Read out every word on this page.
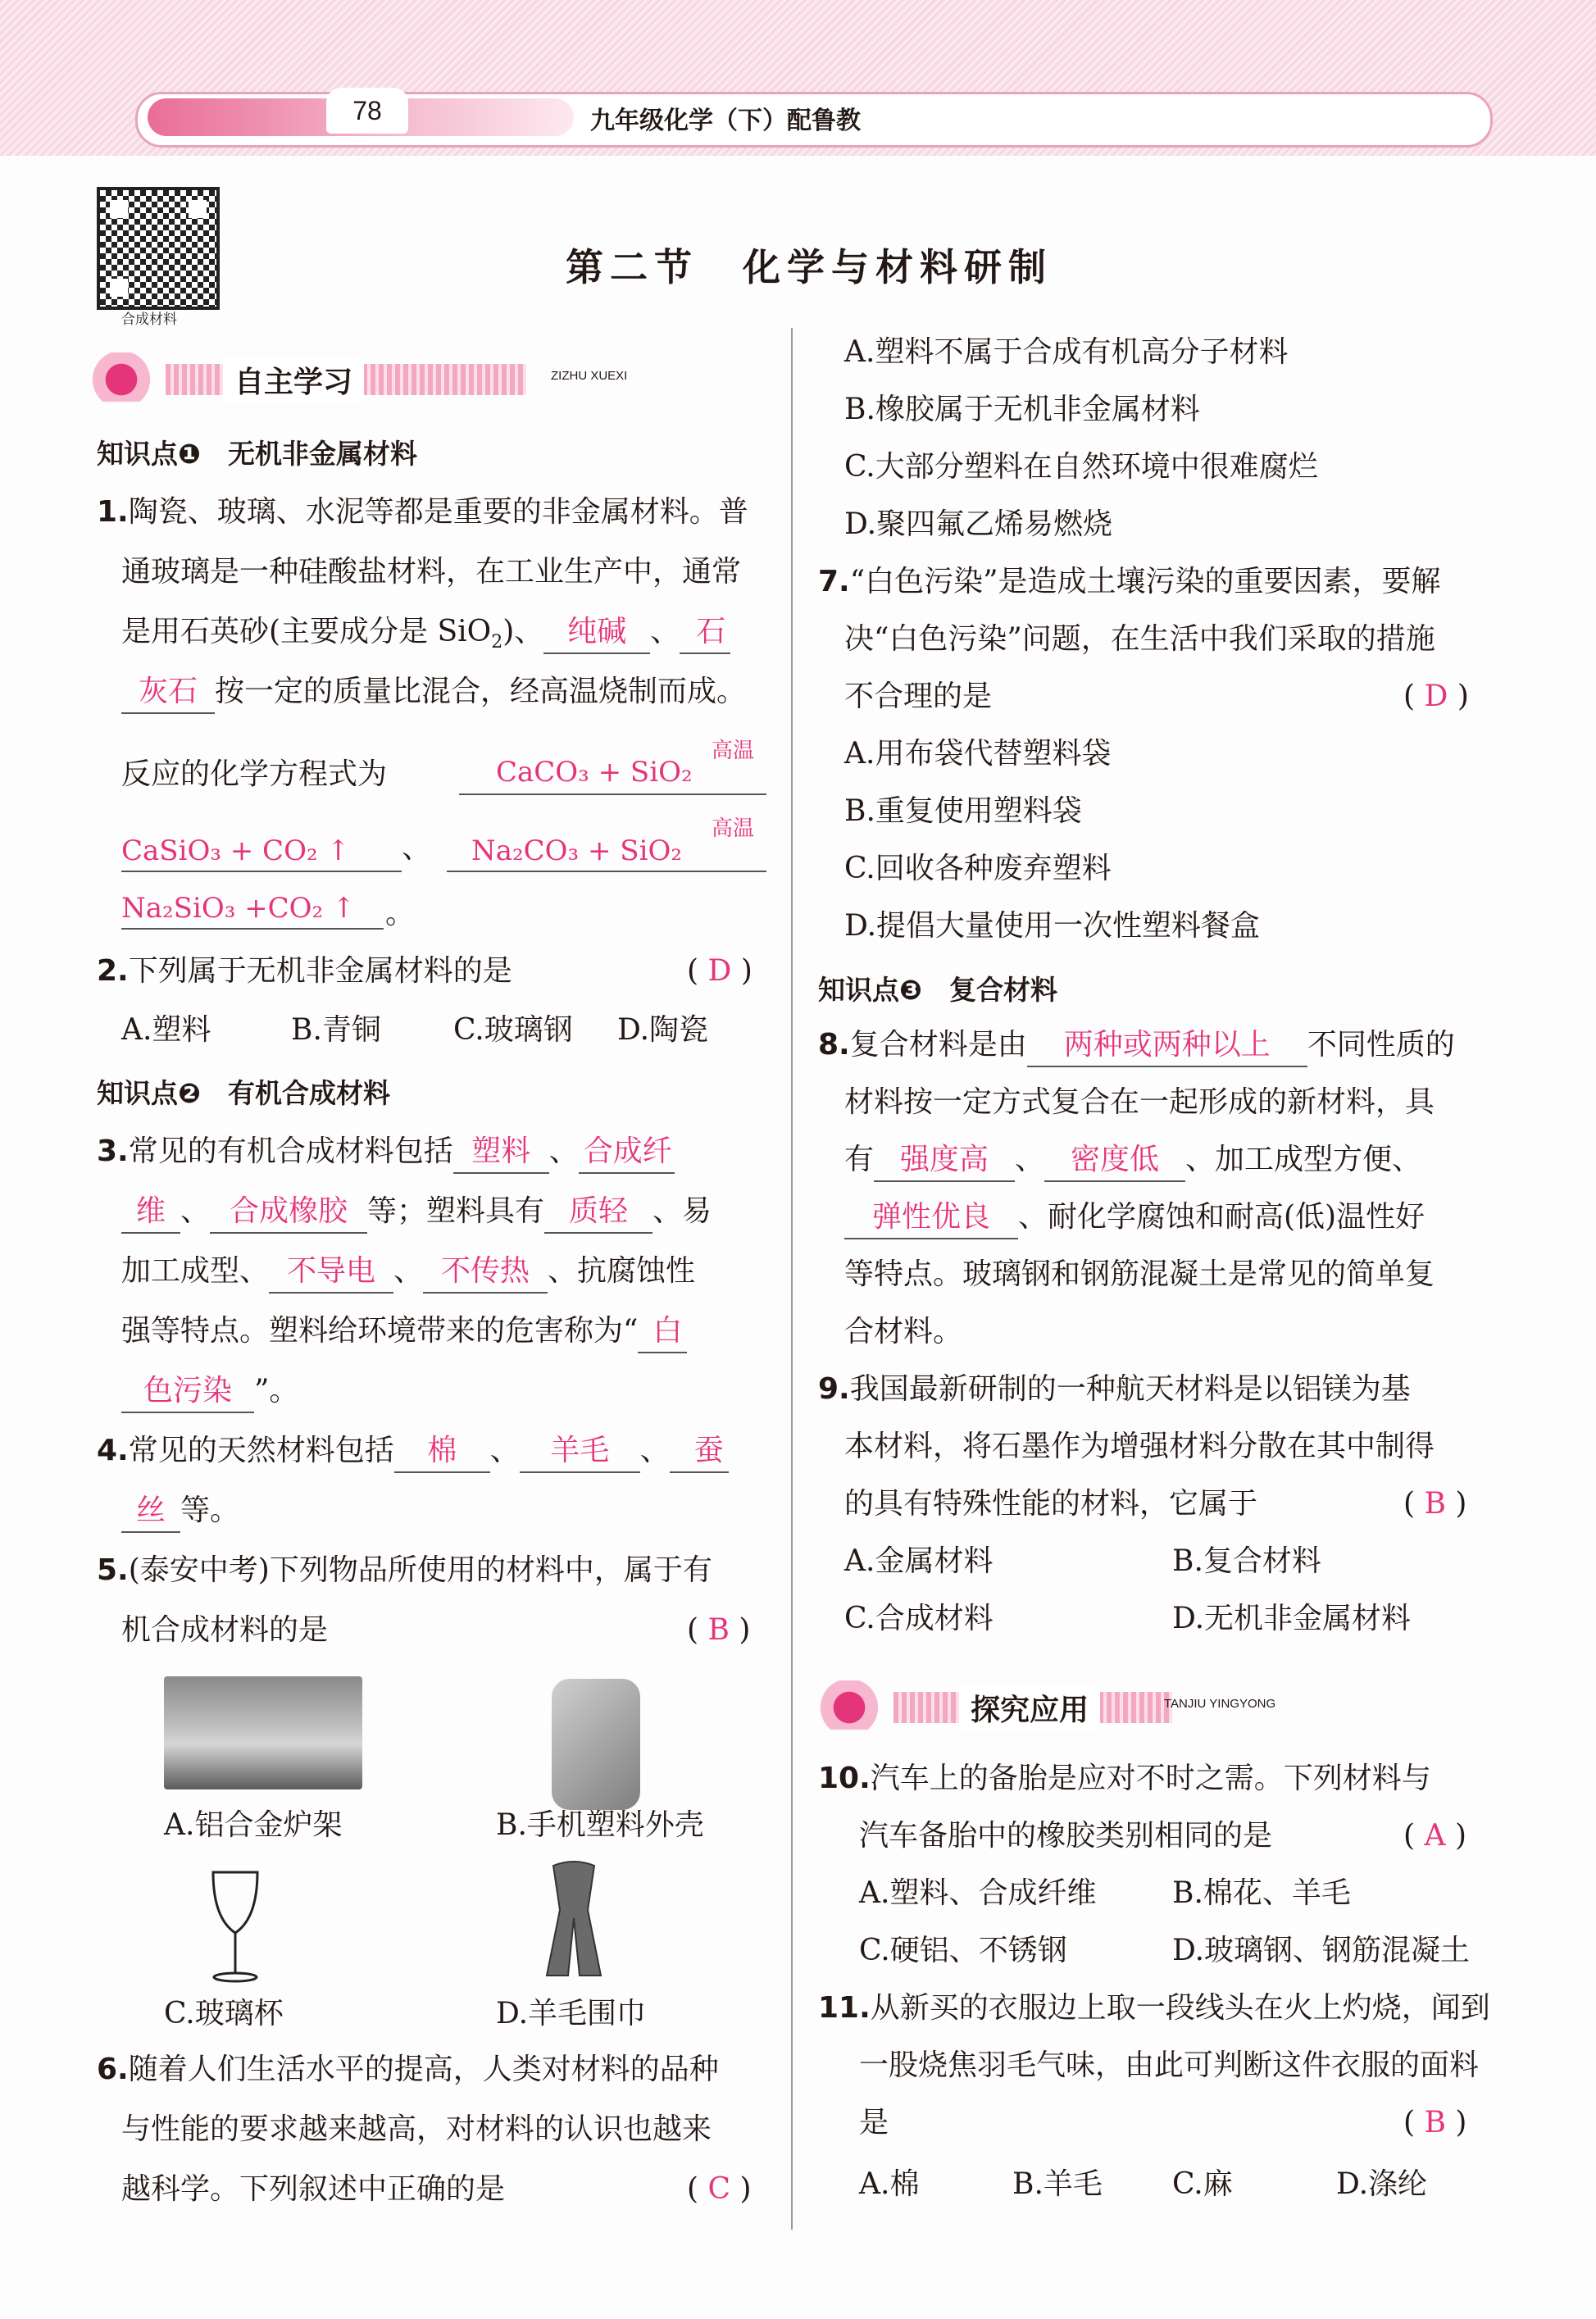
78	九年级化学（下）配鲁教
合成材料
第二节　化学与材料研制
自主学习	ZIZHU XUEXI
知识点❶　无机非金属材料
1.陶瓷、玻璃、水泥等都是重要的非金属材料。普
通玻璃是一种硅酸盐材料，在工业生产中，通常
是用石英砂(主要成分是 SiO$_2$)、 纯碱 、 石
灰石 按一定的质量比混合，经高温烧制而成。
反应的化学方程式为	CaCO₃ + SiO₂
高温
CaSiO₃ + CO₂ ↑ 、 Na₂CO₃ + SiO₂
高温
Na₂SiO₃ +CO₂ ↑ 。
2.下列属于无机非金属材料的是	( D )
A.塑料	B.青铜 C.玻璃钢 D.陶瓷
知识点❷　有机合成材料
3.常见的有机合成材料包括 塑料 、 合成纤
维 、 合成橡胶 等；塑料具有 质轻 、易
加工成型、 不导电 、 不传热 、抗腐蚀性
强等特点。塑料给环境带来的危害称为“ 白
色污染 ”。
4.常见的天然材料包括 棉 、 羊毛 、 蚕
丝 等。
5.(泰安中考)下列物品所使用的材料中，属于有
机合成材料的是	( B )
A.铝合金炉架	B.手机塑料外壳
C.玻璃杯	D.羊毛围巾
6.随着人们生活水平的提高，人类对材料的品种
与性能的要求越来越高，对材料的认识也越来
越科学。下列叙述中正确的是	( C )
A.塑料不属于合成有机高分子材料
B.橡胶属于无机非金属材料
C.大部分塑料在自然环境中很难腐烂
D.聚四氟乙烯易燃烧
7.“白色污染”是造成土壤污染的重要因素，要解
决“白色污染”问题，在生活中我们采取的措施
不合理的是	( D )
A.用布袋代替塑料袋
B.重复使用塑料袋
C.回收各种废弃塑料
D.提倡大量使用一次性塑料餐盒
知识点❸　复合材料
8.复合材料是由 两种或两种以上 不同性质的
材料按一定方式复合在一起形成的新材料，具
有 强度高 、 密度低 、加工成型方便、
弹性优良 、耐化学腐蚀和耐高(低)温性好
等特点。玻璃钢和钢筋混凝土是常见的简单复
合材料。
9.我国最新研制的一种航天材料是以铝镁为基
本材料，将石墨作为增强材料分散在其中制得
的具有特殊性能的材料，它属于	( B )
A.金属材料	B.复合材料
C.合成材料	D.无机非金属材料
探究应用	TANJIU YINGYONG
10.汽车上的备胎是应对不时之需。下列材料与
汽车备胎中的橡胶类别相同的是	( A )
A.塑料、合成纤维	B.棉花、羊毛
C.硬铝、不锈钢	D.玻璃钢、钢筋混凝土
11.从新买的衣服边上取一段线头在火上灼烧，闻到
一股烧焦羽毛气味，由此可判断这件衣服的面料
是	( B )
A.棉	B.羊毛 C.麻	D.涤纶
